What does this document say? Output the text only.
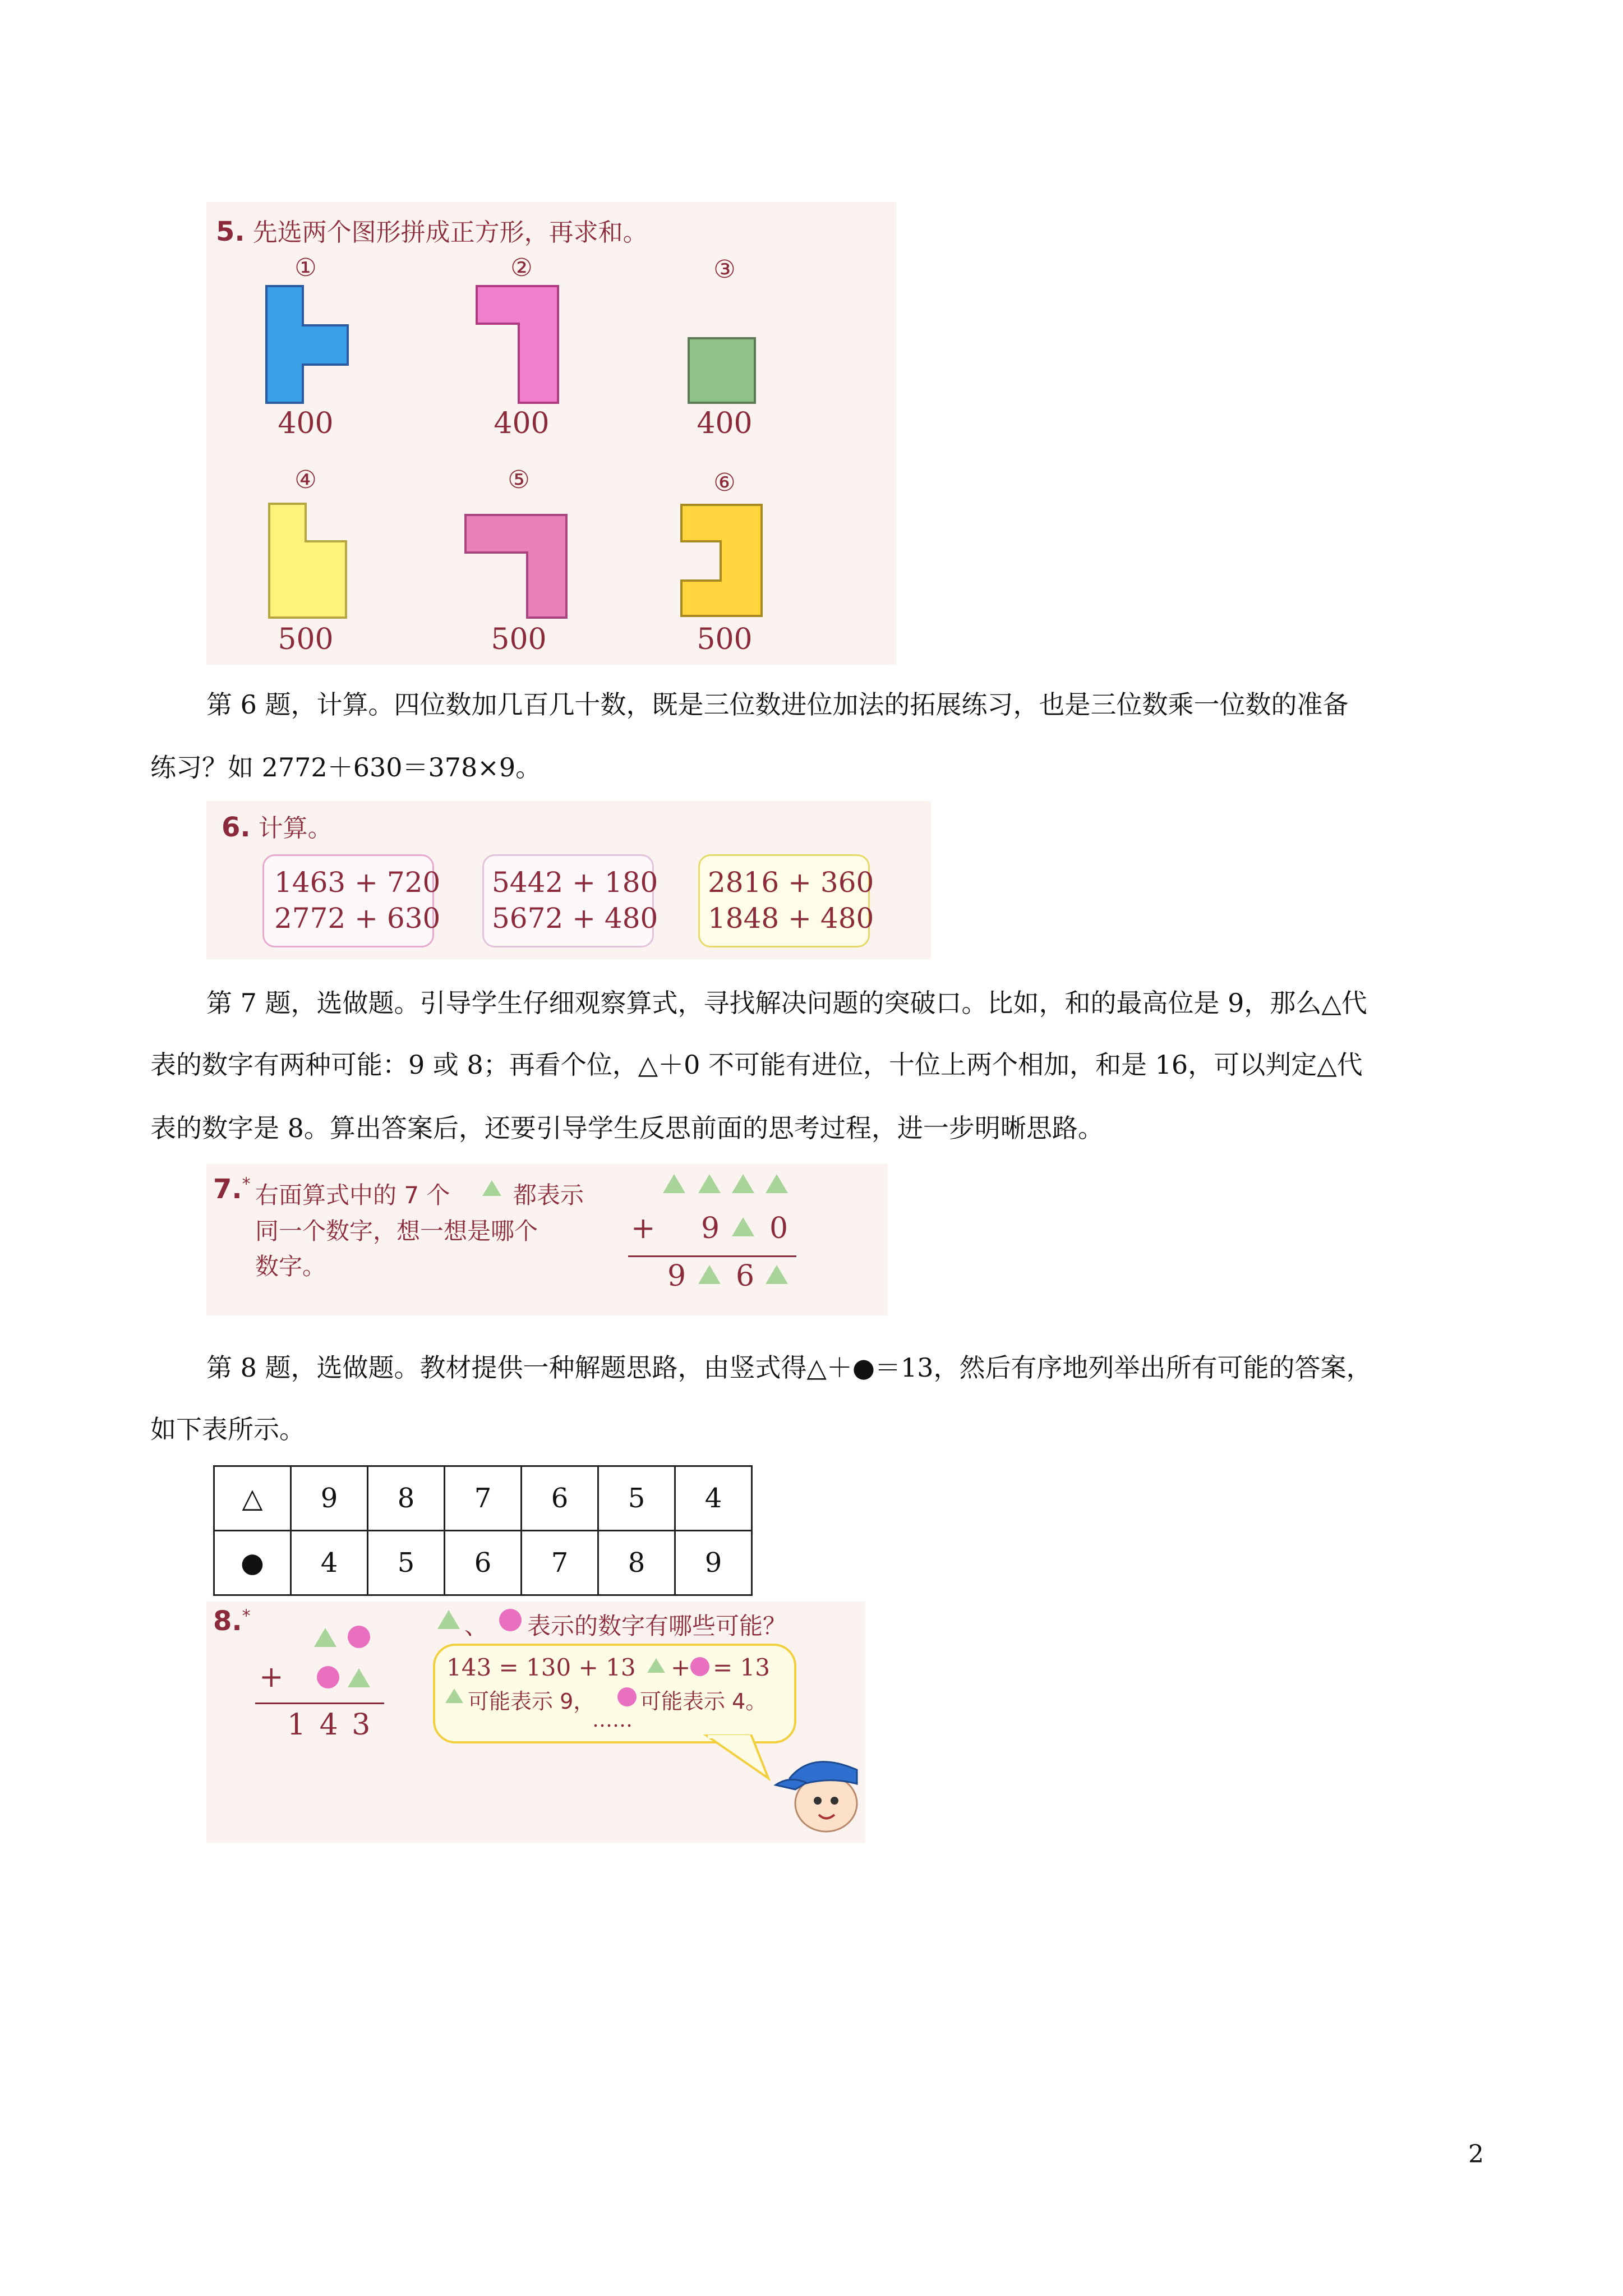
5. 先选两个图形拼成正方形，再求和。
①	②	③
400	400	400
④	⑤	⑥
500	500	500
第 6 题，计算。四位数加几百几十数，既是三位数进位加法的拓展练习，也是三位数乘一位数的准备
练习？如 2772＋630＝378×9。
6. 计算。
1463 + 720
2772 + 630
5442 + 180
5672 + 480
2816 + 360
1848 + 480
第 7 题，选做题。引导学生仔细观察算式，寻找解决问题的突破口。比如，和的最高位是 9，那么△代
表的数字有两种可能：9 或 8；再看个位，△＋0 不可能有进位，十位上两个相加，和是 16，可以判定△代
表的数字是 8。算出答案后，还要引导学生反思前面的思考过程，进一步明晰思路。
7.* 右面算式中的 7 个	都表示
同一个数字，想一想是哪个
数字。
+ 9 0
9 6
第 8 题，选做题。教材提供一种解题思路，由竖式得△＋●＝13，然后有序地列举出所有可能的答案，
如下表所示。
△	9	8	7	6	5	4
●	4	5	6	7	8	9
8.*
+
1 4 3
、 表示的数字有哪些可能？
143 = 130 + 13 + = 13
可能表示 9， 可能表示 4。
……
2
